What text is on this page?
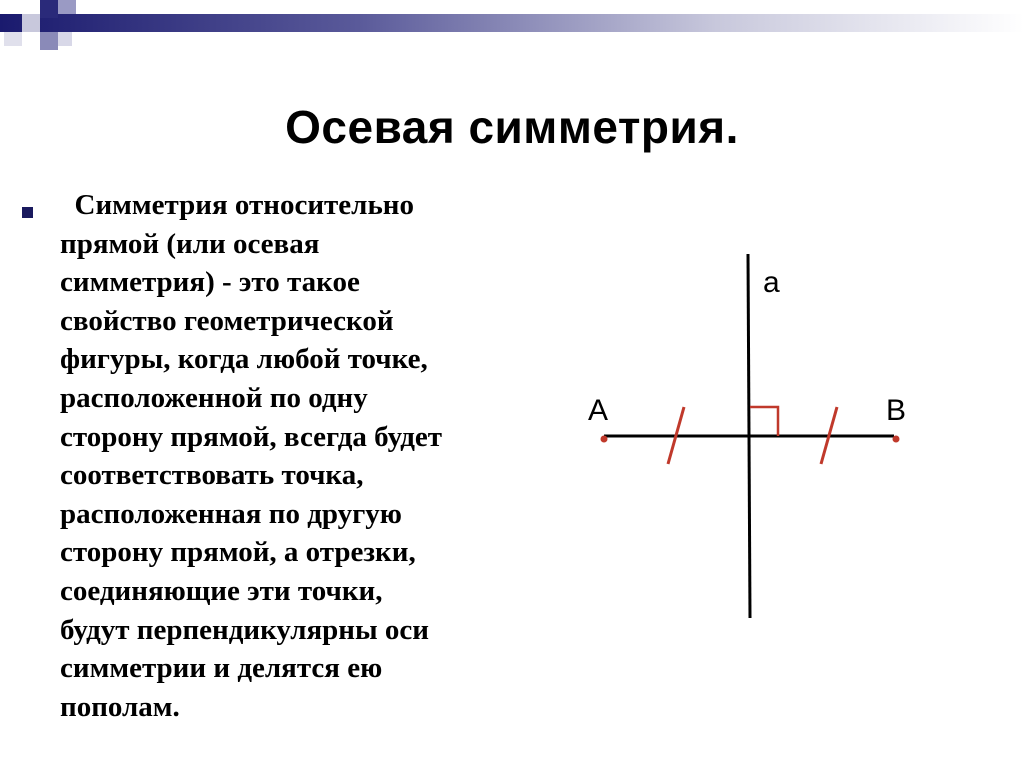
Осевая симметрия.
Симметрия относительно
прямой (или осевая
симметрия) - это такое
свойство геометрической
фигуры, когда любой точке,
расположенной по одну
сторону прямой, всегда будет
соответствовать точка,
расположенная по другую
сторону прямой, а отрезки,
соединяющие эти точки,
будут перпендикулярны оси
симметрии и делятся ею
пополам.
a
A	B
